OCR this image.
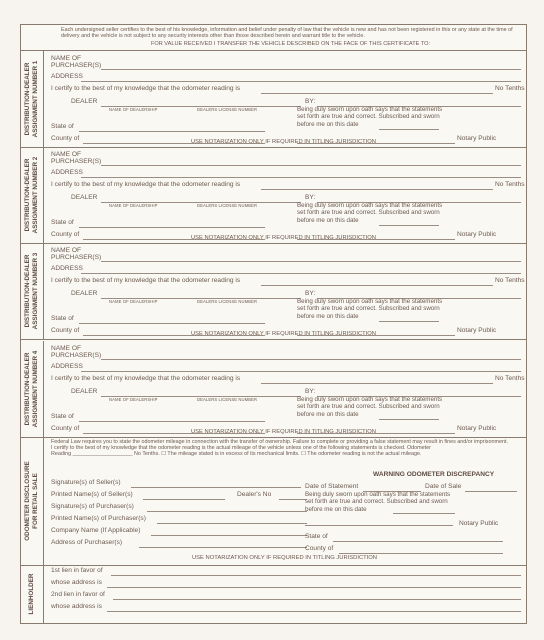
Each undersigned seller certifies to the best of his knowledge, information and belief under penalty of law that the vehicle is new and has not been registered in this or any state at the time of delivery and the vehicle is not subject to any security interests other than those described herein and warrant title to the vehicle.
FOR VALUE RECEIVED I TRANSFER THE VEHICLE DESCRIBED ON THE FACE OF THIS CERTIFICATE TO:
DISTRIBUTION-DEALER
ASSIGNMENT NUMBER 1
NAME OF
PURCHASER(S)
ADDRESS
I certify to the best of my knowledge that the odometer reading is	No Tenths
DEALER
NAME OF DEALERSHIP	DEALERS LICENSE NUMBER
BY:
Being duly sworn upon oath says that the statements
set forth are true and correct. Subscribed and sworn
before me on this date
State of
County of	Notary Public
USE NOTARIZATION ONLY IF REQUIRED IN TITLING JURISDICTION
DISTRIBUTION-DEALER
ASSIGNMENT NUMBER 2
NAME OF
PURCHASER(S)
ADDRESS
I certify to the best of my knowledge that the odometer reading is	No Tenths
DEALER
NAME OF DEALERSHIP	DEALERS LICENSE NUMBER
BY:
Being duly sworn upon oath says that the statements
set forth are true and correct. Subscribed and sworn
before me on this date
State of
County of	Notary Public
USE NOTARIZATION ONLY IF REQUIRED IN TITLING JURISDICTION
DISTRIBUTION-DEALER
ASSIGNMENT NUMBER 3
NAME OF
PURCHASER(S)
ADDRESS
I certify to the best of my knowledge that the odometer reading is	No Tenths
DEALER
NAME OF DEALERSHIP	DEALERS LICENSE NUMBER
BY:
Being duly sworn upon oath says that the statements
set forth are true and correct. Subscribed and sworn
before me on this date
State of
County of	Notary Public
USE NOTARIZATION ONLY IF REQUIRED IN TITLING JURISDICTION
DISTRIBUTION-DEALER
ASSIGNMENT NUMBER 4
NAME OF
PURCHASER(S)
ADDRESS
I certify to the best of my knowledge that the odometer reading is	No Tenths
DEALER
NAME OF DEALERSHIP	DEALERS LICENSE NUMBER
BY:
Being duly sworn upon oath says that the statements
set forth are true and correct. Subscribed and sworn
before me on this date
State of
County of	Notary Public
USE NOTARIZATION ONLY IF REQUIRED IN TITLING JURISDICTION
ODOMETER DISCLOSURE
FOR RETAIL SALE
Federal Law requires you to state the odometer mileage in connection with the transfer of ownership. Failure to complete or providing a false statement may result in fines and/or imprisonment.
I certify to the best of my knowledge that the odometer reading is the actual mileage of the vehicle unless one of the following statements is checked. Odometer
Reading ____________________ No Tenths. ☐ The mileage stated is in excess of its mechanical limits. ☐ The odometer reading is not the actual mileage.
WARNING ODOMETER DISCREPANCY
Signature(s) of Seller(s)
Printed Name(s) of Seller(s)	Dealer's No
Signature(s) of Purchaser(s)
Printed Name(s) of Purchaser(s)
Company Name (If Applicable)
Address of Purchaser(s)
Date of Statement	Date of Sale
Being duly sworn upon oath says that the statements
set forth are true and correct. Subscribed and sworn
before me on this date
Notary Public
State of
County of
USE NOTARIZATION ONLY IF REQUIRED IN TITLING JURISDICTION
LIENHOLDER
1st lien in favor of
whose address is
2nd lien in favor of
whose address is
